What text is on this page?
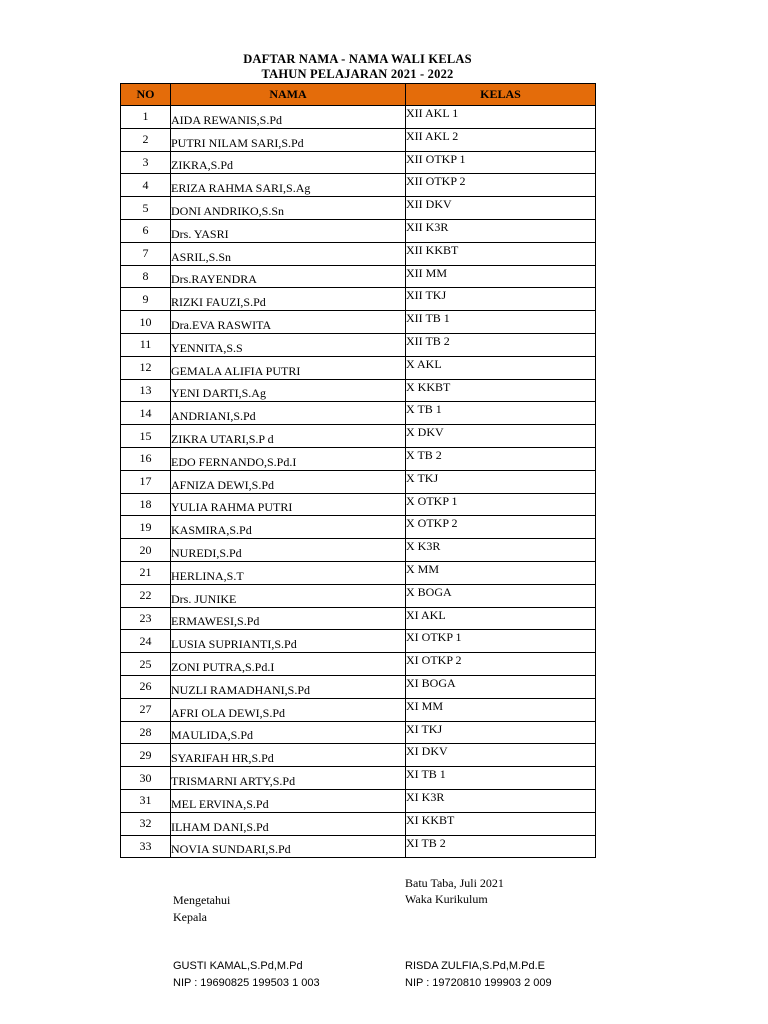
DAFTAR NAMA - NAMA WALI KELAS
TAHUN PELAJARAN 2021 - 2022
NO	NAMA	KELAS
1	AIDA REWANIS,S.Pd	XII AKL 1
2	PUTRI NILAM SARI,S.Pd	XII AKL 2
3	ZIKRA,S.Pd	XII OTKP 1
4	ERIZA RAHMA SARI,S.Ag	XII OTKP 2
5	DONI ANDRIKO,S.Sn	XII DKV
6	Drs. YASRI	XII K3R
7	ASRIL,S.Sn	XII KKBT
8	Drs.RAYENDRA	XII MM
9	RIZKI FAUZI,S.Pd	XII TKJ
10	Dra.EVA RASWITA	XII TB 1
11	YENNITA,S.S	XII TB 2
12	GEMALA ALIFIA PUTRI	X AKL
13	YENI DARTI,S.Ag	X KKBT
14	ANDRIANI,S.Pd	X TB 1
15	ZIKRA UTARI,S.P d	X DKV
16	EDO FERNANDO,S.Pd.I	X TB 2
17	AFNIZA DEWI,S.Pd	X TKJ
18	YULIA RAHMA PUTRI	X OTKP 1
19	KASMIRA,S.Pd	X OTKP 2
20	NUREDI,S.Pd	X K3R
21	HERLINA,S.T	X MM
22	Drs. JUNIKE	X BOGA
23	ERMAWESI,S.Pd	XI AKL
24	LUSIA SUPRIANTI,S.Pd	XI OTKP 1
25	ZONI PUTRA,S.Pd.I	XI OTKP 2
26	NUZLI RAMADHANI,S.Pd	XI BOGA
27	AFRI OLA DEWI,S.Pd	XI MM
28	MAULIDA,S.Pd	XI TKJ
29	SYARIFAH HR,S.Pd	XI DKV
30	TRISMARNI ARTY,S.Pd	XI TB 1
31	MEL ERVINA,S.Pd	XI K3R
32	ILHAM DANI,S.Pd	XI KKBT
33	NOVIA SUNDARI,S.Pd	XI TB 2
Batu Taba, Juli 2021
Waka Kurikulum
Mengetahui
Kepala
GUSTI KAMAL,S.Pd,M.Pd
NIP : 19690825 199503 1 003
RISDA ZULFIA,S.Pd,M.Pd.E
NIP : 19720810 199903 2 009
